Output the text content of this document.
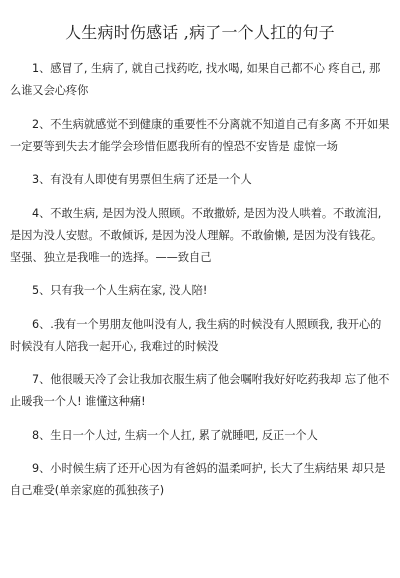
人生病时伤感话 ,病了一个人扛的句子

1、感冒了, 生病了, 就自己找药吃, 找水喝, 如果自己都不心 疼自己, 那么谁又会心疼你

2、不生病就感觉不到健康的重要性不分离就不知道自己有多离 不开如果一定要等到失去才能学会珍惜佢愿我所有的惶恐不安皆是 虚惊一场

3、有没有人即使有男票但生病了还是一个人

4、不敢生病, 是因为没人照顾。不敢撒娇, 是因为没人哄着。不敢流泪, 是因为没人安慰。不敢倾诉, 是因为没人理解。不敢偷懒, 是因为没有钱花。坚强、独立是我唯一的选择。——致自己

5、只有我一个人生病在家, 没人陪!

6、.我有一个男朋友他叫没有人, 我生病的时候没有人照顾我, 我开心的时候没有人陪我一起开心, 我难过的时候没

7、他很暖天冷了会让我加衣服生病了他会嘱咐我好好吃药我却 忘了他不止暖我一个人! 谁懂这种痛!

8、生日一个人过, 生病一个人扛, 累了就睡吧, 反正一个人

9、小时候生病了还开心因为有爸妈的温柔呵护, 长大了生病结果 却只是自己难受(单亲家庭的孤独孩子)
